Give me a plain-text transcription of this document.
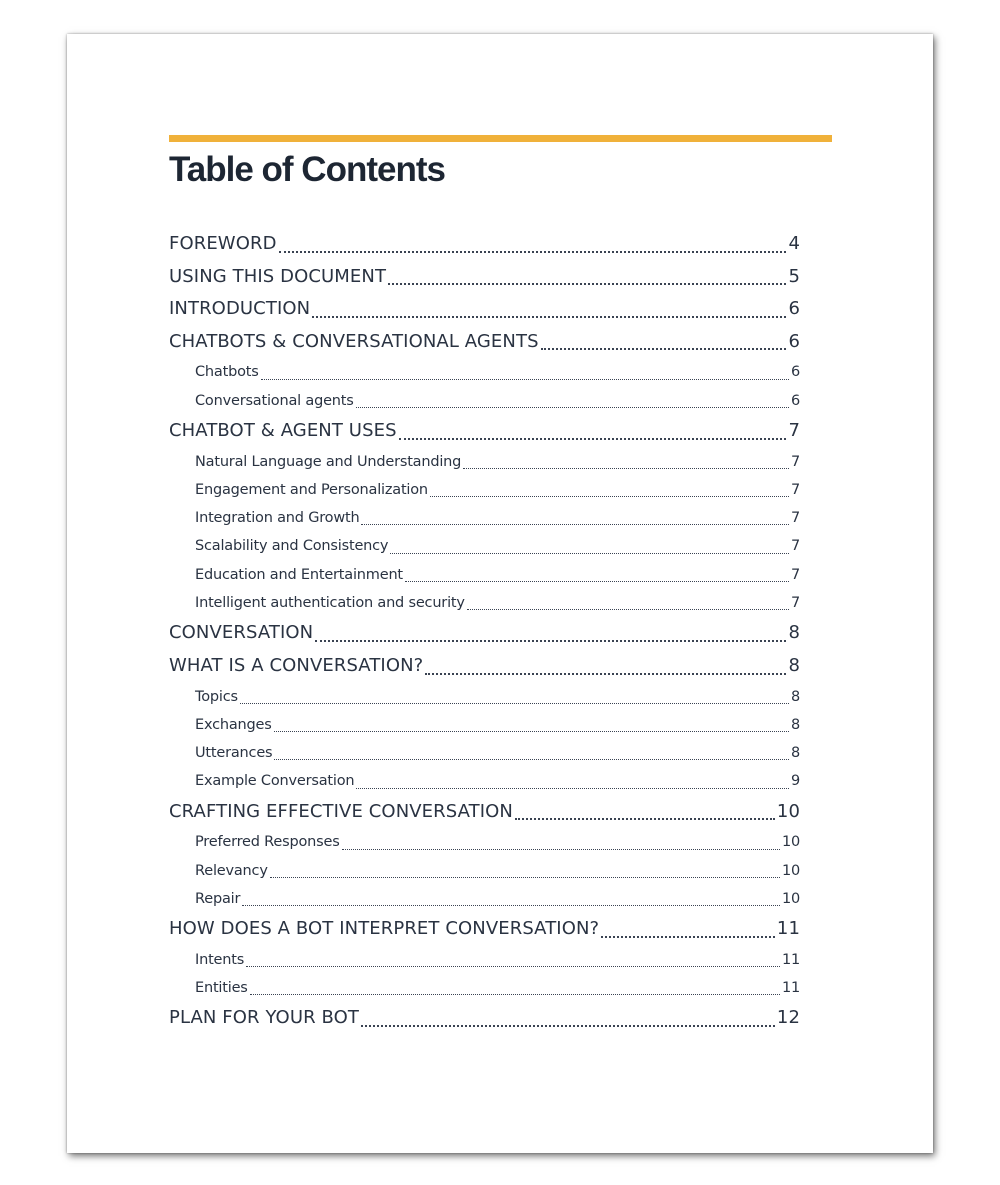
Table of Contents
FOREWORD	4
USING THIS DOCUMENT	5
INTRODUCTION	6
CHATBOTS & CONVERSATIONAL AGENTS	6
Chatbots	6
Conversational agents	6
CHATBOT & AGENT USES	7
Natural Language and Understanding	7
Engagement and Personalization	7
Integration and Growth	7
Scalability and Consistency	7
Education and Entertainment	7
Intelligent authentication and security	7
CONVERSATION	8
WHAT IS A CONVERSATION?	8
Topics	8
Exchanges	8
Utterances	8
Example Conversation	9
CRAFTING EFFECTIVE CONVERSATION	10
Preferred Responses	10
Relevancy	10
Repair	10
HOW DOES A BOT INTERPRET CONVERSATION?	11
Intents	11
Entities	11
PLAN FOR YOUR BOT	12
